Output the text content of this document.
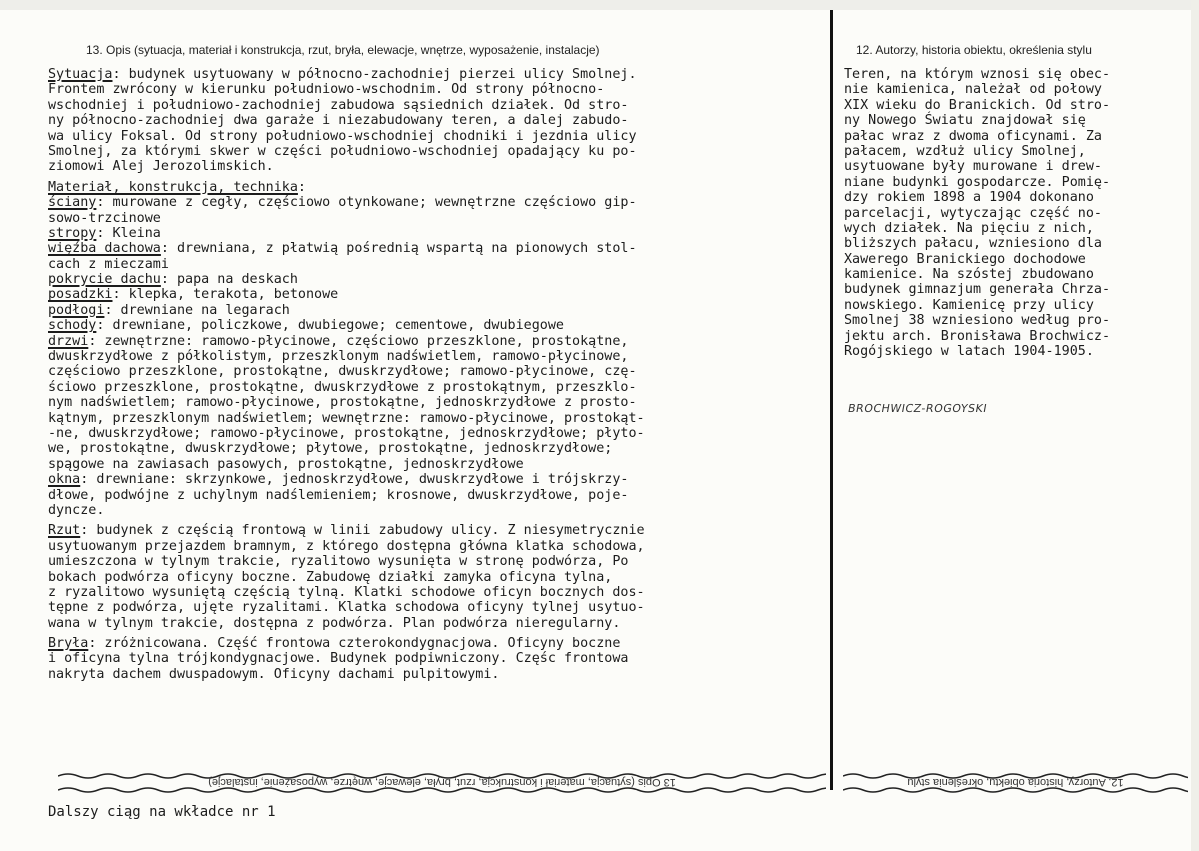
13. Opis (sytuacja, materiał i konstrukcja, rzut, bryła, elewacje, wnętrze, wyposażenie, instalacje)	12. Autorzy, historia obiektu, określenia stylu
Sytuacja: budynek usytuowany w północno-zachodniej pierzei ulicy Smolnej.
Frontem zwrócony w kierunku południowo-wschodnim. Od strony północno-
wschodniej i południowo-zachodniej zabudowa sąsiednich działek. Od stro-
ny północno-zachodniej dwa garaże i niezabudowany teren, a dalej zabudo-
wa ulicy Foksal. Od strony południowo-wschodniej chodniki i jezdnia ulicy
Smolnej, za którymi skwer w części południowo-wschodniej opadający ku po-
ziomowi Alej Jerozolimskich.
Materiał, konstrukcja, technika:
ściany: murowane z cegły, częściowo otynkowane; wewnętrzne częściowo gip-
sowo-trzcinowe
stropy: Kleina
więźba dachowa: drewniana, z płatwią pośrednią wspartą na pionowych stol-
cach z mieczami
pokrycie dachu: papa na deskach
posadzki: klepka, terakota, betonowe
podłogi: drewniane na legarach
schody: drewniane, policzkowe, dwubiegowe; cementowe, dwubiegowe
drzwi: zewnętrzne: ramowo-płycinowe, częściowo przeszklone, prostokątne,
dwuskrzydłowe z półkolistym, przeszklonym nadświetlem, ramowo-płycinowe,
częściowo przeszklone, prostokątne, dwuskrzydłowe; ramowo-płycinowe, czę-
ściowo przeszklone, prostokątne, dwuskrzydłowe z prostokątnym, przeszklo-
nym nadświetlem; ramowo-płycinowe, prostokątne, jednoskrzydłowe z prosto-
kątnym, przeszklonym nadświetlem; wewnętrzne: ramowo-płycinowe, prostokąt-
-ne, dwuskrzydłowe; ramowo-płycinowe, prostokątne, jednoskrzydłowe; płyto-
we, prostokątne, dwuskrzydłowe; płytowe, prostokątne, jednoskrzydłowe;
spągowe na zawiasach pasowych, prostokątne, jednoskrzydłowe
okna: drewniane: skrzynkowe, jednoskrzydłowe, dwuskrzydłowe i trójskrzy-
dłowe, podwójne z uchylnym nadślemieniem; krosnowe, dwuskrzydłowe, poje-
dyncze.
Rzut: budynek z częścią frontową w linii zabudowy ulicy. Z niesymetrycznie
usytuowanym przejazdem bramnym, z którego dostępna główna klatka schodowa,
umieszczona w tylnym trakcie, ryzalitowo wysunięta w stronę podwórza, Po
bokach podwórza oficyny boczne. Zabudowę działki zamyka oficyna tylna,
z ryzalitowo wysuniętą częścią tylną. Klatki schodowe oficyn bocznych dos-
tępne z podwórza, ujęte ryzalitami. Klatka schodowa oficyny tylnej usytuo-
wana w tylnym trakcie, dostępna z podwórza. Plan podwórza nieregularny.
Bryła: zróżnicowana. Część frontowa czterokondygnacjowa. Oficyny boczne
i oficyna tylna trójkondygnacjowe. Budynek podpiwniczony. Częśc frontowa
nakryta dachem dwuspadowym. Oficyny dachami pulpitowymi.
Teren, na którym wznosi się obec-
nie kamienica, należał od połowy
XIX wieku do Branickich. Od stro-
ny Nowego Światu znajdował się
pałac wraz z dwoma oficynami. Za
pałacem, wzdłuż ulicy Smolnej,
usytuowane były murowane i drew-
niane budynki gospodarcze. Pomię-
dzy rokiem 1898 a 1904 dokonano
parcelacji, wytyczając część no-
wych działek. Na pięciu z nich,
bliższych pałacu, wzniesiono dla
Xawerego Branickiego dochodowe
kamienice. Na szóstej zbudowano
budynek gimnazjum generała Chrza-
nowskiego. Kamienicę przy ulicy
Smolnej 38 wzniesiono według pro-
jektu arch. Bronisława Brochwicz-
Rogójskiego w latach 1904-1905.
BROCHWICZ-ROGOYSKI
13 Opis (sytuacja, materiał i konstrukcja, rzut, bryła, elewacje, wnętrze, wyposażenie, instalacje)	12. Autorzy, historia obiektu, określenia stylu
Dalszy ciąg na wkładce nr 1
